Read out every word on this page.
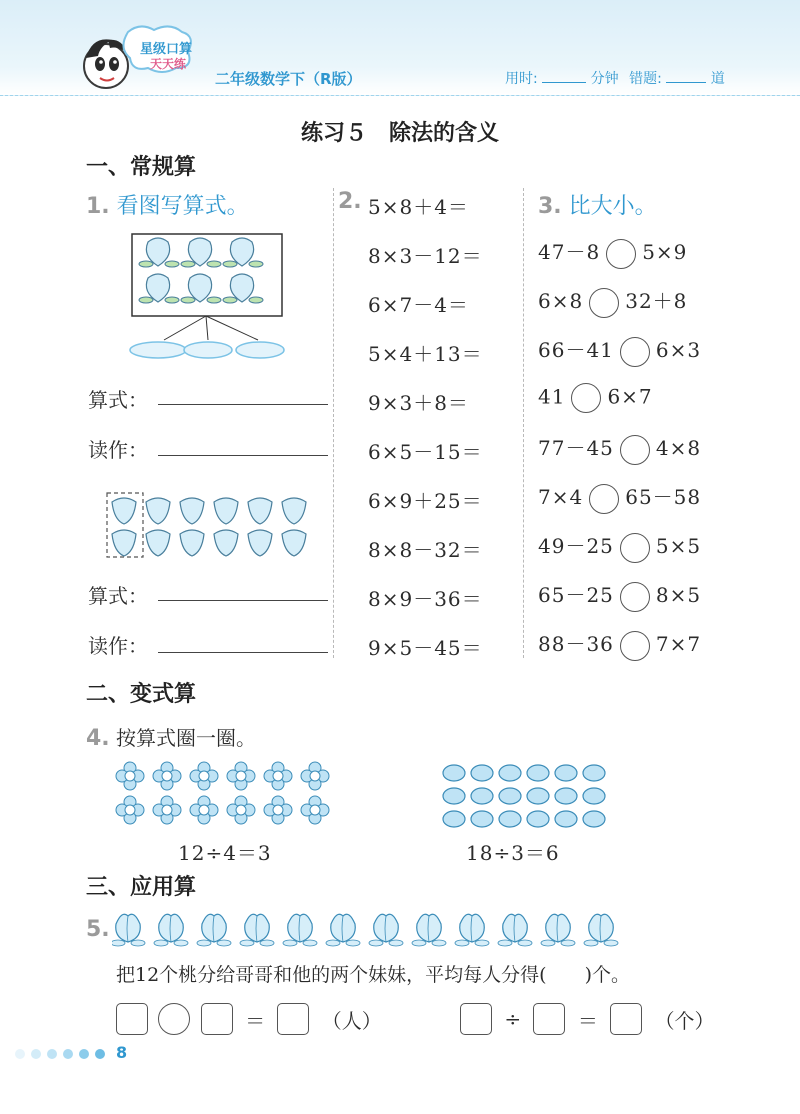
星级口算
天天练
二年级数学下（R版）	用时:	分钟 错题:	道
练习５　除法的含义
一、常规算
1. 看图写算式。
算式：
读作：
算式：
读作：
2. 5×8＋4＝
8×3－12＝
6×7－4＝
5×4＋13＝
9×3＋8＝
6×5－15＝
6×9＋25＝
8×8－32＝
8×9－36＝
9×5－45＝
3. 比大小。
47－8 5×9
6×8 32＋8
66－41 6×3
41 6×7
77－45 4×8
7×4 65－58
49－25 5×5
65－25 8×5
88－36 7×7
二、变式算
4. 按算式圈一圈。
12÷4＝3	18÷3＝6
三、应用算
5.
把12个桃分给哥哥和他的两个妹妹，平均每人分得(　　)个。
＝	（人）	÷	＝	（个）
8
